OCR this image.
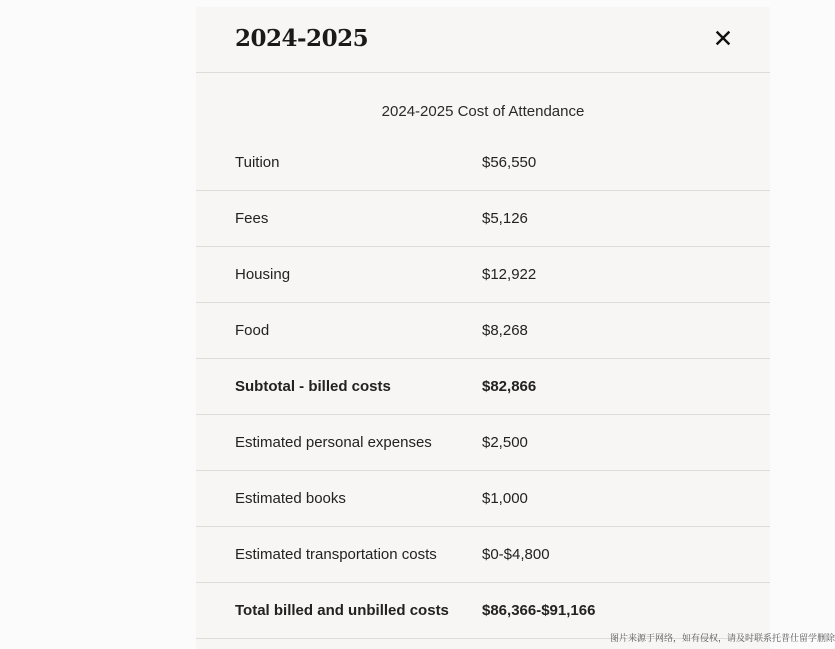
2024-2025
2024-2025 Cost of Attendance
Tuition	$56,550
Fees	$5,126
Housing	$12,922
Food	$8,268
Subtotal - billed costs	$82,866
Estimated personal expenses	$2,500
Estimated books	$1,000
Estimated transportation costs	$0-$4,800
Total billed and unbilled costs $86,366-$91,166
图片来源于网络，如有侵权，请及时联系托普仕留学删除
